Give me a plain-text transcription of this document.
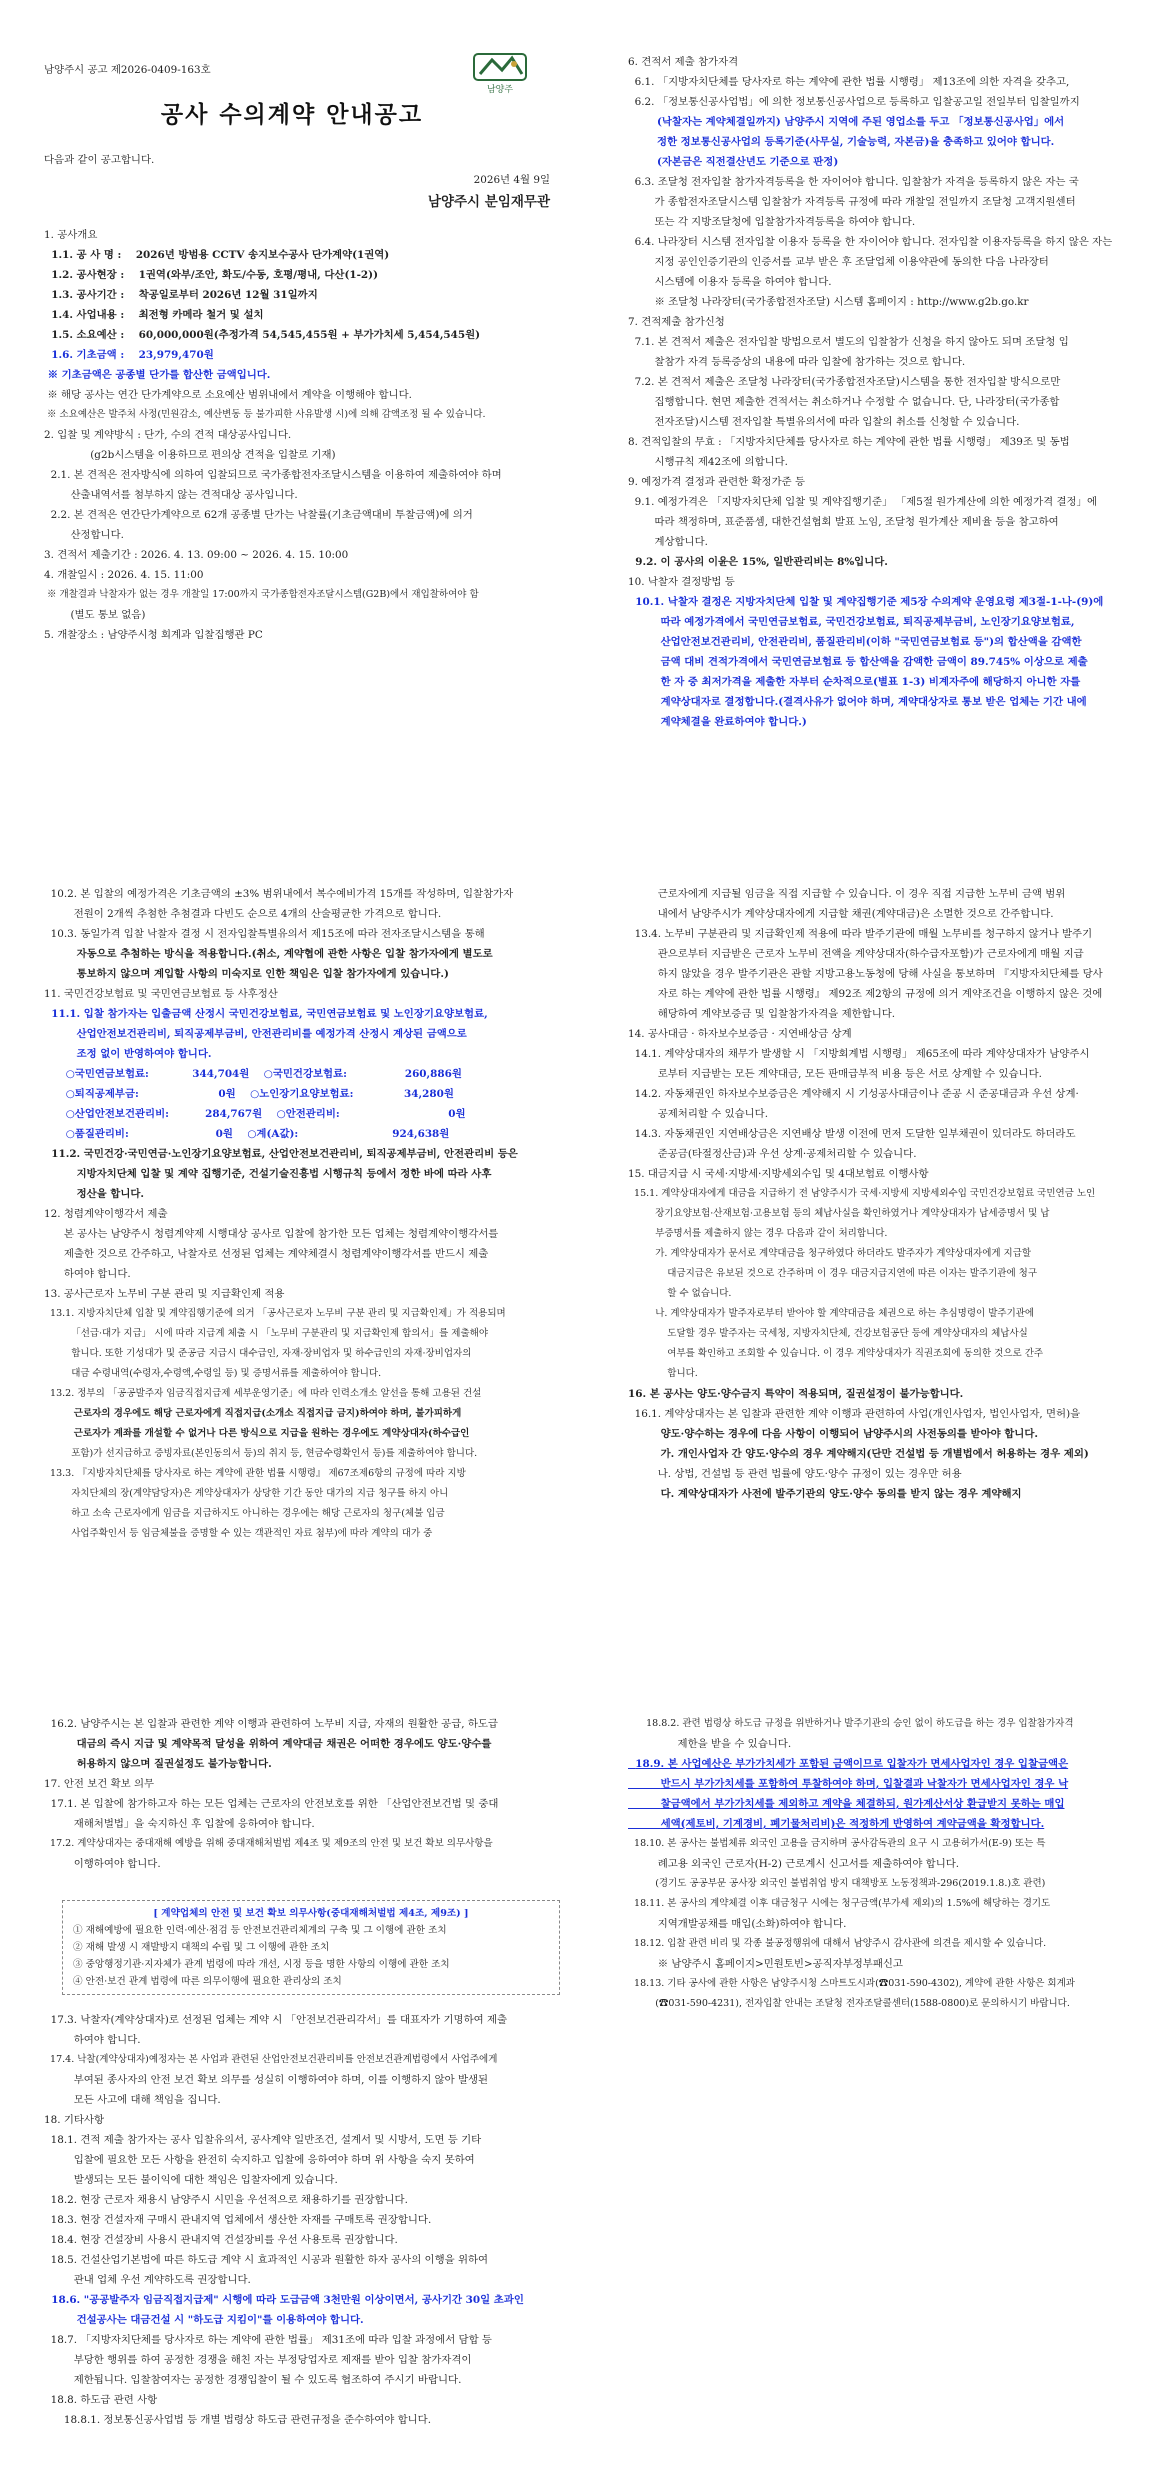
남양주시 공고 제2026-0409-163호
남양주
공사 수의계약 안내공고
다음과 같이 공고합니다.
2026년 4월 9일
남양주시 분임재무관

1. 공사개요

1.1. 공 사 명 :    2026년 방범용 CCTV 송지보수공사 단가계약(1권역)

1.2. 공사현장 :    1권역(와부/조안, 화도/수동, 호평/평내, 다산(1-2))

1.3. 공사기간 :    착공일로부터 2026년 12월 31일까지

1.4. 사업내용 :    최전형 카메라 철거 및 설치

1.5. 소요예산 :    60,000,000원(추정가격 54,545,455원 + 부가가치세 5,454,545원)

1.6. 기초금액 :    23,979,470원

※ 기초금액은 공종별 단가를 합산한 금액입니다.

※ 해당 공사는 연간 단가계약으로 소요예산 범위내에서 계약을 이행해야 합니다.

※ 소요예산은 발주처 사정(민원감소, 예산변동 등 불가피한 사유발생 시)에 의해 감액조정 될 수 있습니다.

2. 입찰 및 계약방식 : 단가, 수의 견적 대상공사입니다.

(g2b시스템을 이용하므로 편의상 견적을 입찰로 기재)

2.1. 본 견적은 전자방식에 의하여 입찰되므로 국가종합전자조달시스템을 이용하여 제출하여야 하며

산출내역서를 첨부하지 않는 견적대상 공사입니다.

2.2. 본 견적은 연간단가계약으로 62개 공종별 단가는 낙찰률(기초금액대비 투찰금액)에 의거

산정합니다.

3. 견적서 제출기간 : 2026. 4. 13. 09:00 ~ 2026. 4. 15. 10:00

4. 개찰일시 : 2026. 4. 15. 11:00

※ 개찰결과 낙찰자가 없는 경우 개찰일 17:00까지 국가종합전자조달시스템(G2B)에서 재입찰하여야 함

(별도 통보 없음)

5. 개찰장소 : 남양주시청 회계과 입찰집행관 PC

6. 견적서 제출 참가자격

6.1. 「지방자치단체를 당사자로 하는 계약에 관한 법률 시행령」 제13조에 의한 자격을 갖추고,

6.2. 「정보통신공사업법」에 의한 정보통신공사업으로 등록하고 입찰공고일 전일부터 입찰일까지

(낙찰자는 계약체결일까지) 남양주시 지역에 주된 영업소를 두고 「정보통신공사업」에서

정한 정보통신공사업의 등록기준(사무실, 기술능력, 자본금)을 충족하고 있어야 합니다.

(자본금은 직전결산년도 기준으로 판정)

6.3. 조달청 전자입찰 참가자격등록을 한 자이어야 합니다. 입찰참가 자격을 등록하지 않은 자는 국

가 종합전자조달시스템 입찰참가 자격등록 규정에 따라 개찰일 전일까지 조달청 고객지원센터

또는 각 지방조달청에 입찰참가자격등록을 하여야 합니다.

6.4. 나라장터 시스템 전자입찰 이용자 등록을 한 자이어야 합니다. 전자입찰 이용자등록을 하지 않은 자는

지정 공인인증기관의 인증서를 교부 받은 후 조달업체 이용약관에 동의한 다음 나라장터

시스템에 이용자 등록을 하여야 합니다.

※ 조달청 나라장터(국가종합전자조달) 시스템 홈페이지 : http://www.g2b.go.kr

7. 견적제출 참가신청

7.1. 본 견적서 제출은 전자입찰 방법으로서 별도의 입찰참가 신청을 하지 않아도 되며 조달청 입

찰참가 자격 등록증상의 내용에 따라 입찰에 참가하는 것으로 합니다.

7.2. 본 견적서 제출은 조달청 나라장터(국가종합전자조달)시스템을 통한 전자입찰 방식으로만

집행합니다. 현면 제출한 견적서는 취소하거나 수정할 수 없습니다. 단, 나라장터(국가종합

전자조달)시스템 전자입찰 특별유의서에 따라 입찰의 취소를 신청할 수 있습니다.

8. 견적입찰의 무효 : 「지방자치단체를 당사자로 하는 계약에 관한 법률 시행령」 제39조 및 동법

시행규칙 제42조에 의합니다.

9. 예정가격 결정과 관련한 확정가준 등

9.1. 예정가격은 「지방자치단체 입찰 및 계약집행기준」 「제5절 원가계산에 의한 예정가격 결정」에

따라 책정하며, 표준품셈, 대한건설협회 발표 노임, 조달청 원가계산 제비율 등을 참고하여

계상합니다.

9.2. 이 공사의 이윤은 15%, 일반관리비는 8%입니다.

10. 낙찰자 결정방법 등

10.1. 낙찰자 결정은 지방자치단체 입찰 및 계약집행기준 제5장 수의계약 운영요령 제3절-1-나-(9)에

따라 예정가격에서 국민연금보험료, 국민건강보험료, 퇴직공제부금비, 노인장기요양보험료,

산업안전보건관리비, 안전관리비, 품질관리비(이하 "국민연금보험료 등")의 합산액을 감액한

금액 대비 견적가격에서 국민연금보험료 등 합산액을 감액한 금액이 89.745% 이상으로 제출

한 자 중 최저가격을 제출한 자부터 순차적으로(별표 1-3) 비계자주에 해당하지 아니한 자를

계약상대자로 결정합니다.(결격사유가 없어야 하며, 계약대상자로 통보 받은 업체는 기간 내에

계약체결을 완료하여야 합니다.)

10.2. 본 입찰의 예정가격은 기초금액의 ±3% 범위내에서 복수예비가격 15개를 작성하며, 입찰참가자

전원이 2개씩 추첨한 추첨결과 다빈도 순으로 4개의 산술평균한 가격으로 합니다.

10.3. 동일가격 입찰 낙찰자 결정 시 전자입찰특별유의서 제15조에 따라 전자조달시스템을 통해

자동으로 추첨하는 방식을 적용합니다.(취소, 계약협에 관한 사항은 입찰 참가자에게 별도로

통보하지 않으며 계입할 사항의 미숙지로 인한 책임은 입찰 참가자에게 있습니다.)

11. 국민건강보험료 및 국민연금보험료 등 사후정산

11.1. 입찰 참가자는 입출금액 산정시 국민건강보험료, 국민연금보험료 및 노인장기요양보험료,

산업안전보건관리비, 퇴직공제부금비, 안전관리비를 예정가격 산정시 계상된 금액으로

조정 없이 반영하여야 합니다.

○국민연금보험료:            344,704원    ○국민건강보험료:                260,886원

○퇴직공제부금:                      0원    ○노인장기요양보험료:              34,280원

○산업안전보건관리비:          284,767원    ○안전관리비:                              0원

○품질관리비:                        0원    ○계(A값):                          924,638원

11.2. 국민건강·국민연금·노인장기요양보험료, 산업안전보건관리비, 퇴직공제부금비, 안전관리비 등은

지방자치단체 입찰 및 계약 집행기준, 건설기술진흥법 시행규칙 등에서 정한 바에 따라 사후

정산을 합니다.

12. 청렴계약이행각서 제출

본 공사는 남양주시 청렴계약제 시행대상 공사로 입찰에 참가한 모든 업체는 청렴계약이행각서를

제출한 것으로 간주하고, 낙찰자로 선정된 업체는 계약체결시 청렴계약이행각서를 반드시 제출

하여야 합니다.

13. 공사근로자 노무비 구분 관리 및 지급확인제 적용

13.1. 지방자치단체 입찰 및 계약집행기준에 의거 「공사근로자 노무비 구분 관리 및 지급확인제」가 적용되며

「선급·대가 지급」 시에 따라 지급계 체출 시 「노무비 구분관리 및 지급확인제 합의서」를 제출해야

합니다. 또한 기성대가 및 준공금 지급시 대수급인, 자재·장비업자 및 하수급인의 자재·장비업자의

대금 수령내역(수령자,수령액,수령일 등) 및 증명서류를 제출하여야 합니다.

13.2. 정부의 「공공발주자 임금직접지급제 세부운영기준」에 따라 인력소개소 알선을 통해 고용된 건설

근로자의 경우에도 해당 근로자에게 직접지급(소개소 직접지급 금지)하여야 하며, 불가피하게

근로자가 계좌를 개설할 수 없거나 다른 방식으로 지급을 원하는 경우에도 계약상대자(하수급인

포함)가 선지급하고 증빙자료(본인동의서 등)의 취지 등, 현금수령확인서 등)를 제출하여야 합니다.

13.3. 『지방자치단체를 당사자로 하는 계약에 관한 법률 시행령』 제67조제6항의 규정에 따라 지방

자치단체의 장(계약담당자)은 계약상대자가 상당한 기간 동안 대가의 지급 청구를 하지 아니

하고 소속 근로자에게 임금을 지급하지도 아니하는 경우에는 해당 근로자의 청구(체불 입금

사업주확인서 등 임금체불을 증명할 수 있는 객관적인 자료 첨부)에 따라 계약의 대가 중

근로자에게 지급될 임금을 직접 지급할 수 있습니다. 이 경우 직접 지급한 노무비 금액 범위

내에서 남양주시가 계약상대자에게 지급할 채권(계약대금)은 소멸한 것으로 간주합니다.

13.4. 노무비 구분관리 및 지급확인제 적용에 따라 발주기관에 매월 노무비를 청구하지 않거나 발주기

관으로부터 지급받은 근로자 노무비 전액을 계약상대자(하수급자포함)가 근로자에게 매월 지급

하지 않았을 경우 발주기관은 관할 지방고용노동청에 당해 사실을 통보하며 『지방자치단체를 당사

자로 하는 계약에 관한 법률 시행령』 제92조 제2항의 규정에 의거 계약조건을 이행하지 않은 것에

해당하여 계약보증금 및 입찰참가자격을 제한합니다.

14. 공사대금 · 하자보수보증금 · 지연배상금 상계

14.1. 계약상대자의 채무가 발생할 시 「지방회계법 시행령」 제65조에 따라 계약상대자가 남양주시

로부터 지급받는 모든 계약대금, 모든 판매급부적 비용 등은 서로 상계할 수 있습니다.

14.2. 자동채권인 하자보수보증금은 계약해지 시 기성공사대금이나 준공 시 준공대금과 우선 상계·

공제처리할 수 있습니다.

14.3. 자동채권인 지연배상금은 지연배상 발생 이전에 먼저 도달한 일부채권이 있더라도 하더라도

준공금(타절정산금)과 우선 상계·공제처리할 수 있습니다.

15. 대금지급 시 국세·지방세·지방세외수입 및 4대보험료 이행사항

15.1. 계약상대자에게 대금을 지급하기 전 남양주시가 국세·지방세 지방세외수입 국민건강보험료 국민연금 노인

장기요양보험·산재보험·고용보험 등의 체납사실을 확인하였거나 계약상대자가 납세증명서 및 납

부증명서를 제출하지 않는 경우 다음과 같이 처리합니다.

가. 계약상대자가 문서로 계약대금을 청구하였다 하더라도 발주자가 계약상대자에게 지급할

대금지급은 유보된 것으로 간주하며 이 경우 대금지급지연에 따른 이자는 발주기관에 청구

할 수 없습니다.

나. 계약상대자가 발주자로부터 받아야 할 계약대금을 체권으로 하는 추심명령이 발주기관에

도달할 경우 발주자는 국세청, 지방자치단체, 건강보험공단 등에 계약상대자의 체납사실

여부를 확인하고 조회할 수 있습니다. 이 경우 계약상대자가 직권조회에 동의한 것으로 간주

합니다.

16. 본 공사는 양도·양수금지 특약이 적용되며, 질권설정이 불가능합니다.

16.1. 계약상대자는 본 입찰과 관련한 계약 이행과 관련하여 사업(개인사업자, 법인사업자, 면허)을

양도·양수하는 경우에 다음 사항이 이행되어 남양주시의 사전동의를 받아야 합니다.

가. 개인사업자 간 양도·양수의 경우 계약해지(단만 건설법 등 개별법에서 허용하는 경우 제외)

나. 상법, 건설법 등 관련 법률에 양도·양수 규정이 있는 경우만 허용

다. 계약상대자가 사전에 발주기관의 양도·양수 동의를 받지 않는 경우 계약해지

16.2. 남양주시는 본 입찰과 관련한 계약 이행과 관련하여 노무비 지급, 자재의 원활한 공급, 하도급

대금의 즉시 지급 및 계약목적 달성을 위하여 계약대금 채권은 어떠한 경우에도 양도·양수를

허용하지 않으며 질권설정도 불가능합니다.

17. 안전 보건 확보 의무

17.1. 본 입찰에 참가하고자 하는 모든 업체는 근로자의 안전보호를 위한 「산업안전보건법 및 중대

재해처벌법」을 숙지하신 후 입찰에 응하여야 합니다.

17.2. 계약상대자는 중대재해 예방을 위해 중대재해처벌법 제4조 및 제9조의 안전 및 보건 확보 의무사항을

이행하여야 합니다.

[ 계약업체의 안전 및 보건 확보 의무사항(중대재해처벌법 제4조, 제9조) ]

① 재해예방에 필요한 인력·예산·점검 등 안전보건관리체계의 구축 및 그 이행에 관한 조치

② 재해 발생 시 재발방지 대책의 수립 및 그 이행에 관한 조치

③ 중앙행정기관·지자체가 관계 법령에 따라 개선, 시정 등을 명한 사항의 이행에 관한 조치

④ 안전·보건 관계 법령에 따른 의무이행에 필요한 관리상의 조치

17.3. 낙찰자(계약상대자)로 선정된 업체는 계약 시 「안전보건관리각서」를 대표자가 기명하여 제출

하여야 합니다.

17.4. 낙찰(계약상대자)예정자는 본 사업과 관련된 산업안전보건관리비를 안전보건관계법령에서 사업주에게

부여된 종사자의 안전 보건 확보 의무를 성실히 이행하여야 하며, 이를 이행하지 않아 발생된

모든 사고에 대해 책임을 집니다.

18. 기타사항

18.1. 견적 제출 참가자는 공사 입찰유의서, 공사계약 일반조건, 설계서 및 시방서, 도면 등 기타

입찰에 필요한 모든 사항을 완전히 숙지하고 입찰에 응하여야 하며 위 사항을 숙지 못하여

발생되는 모든 불이익에 대한 책임은 입찰자에게 있습니다.

18.2. 현장 근로자 채용시 남양주시 시민을 우선적으로 채용하기를 권장합니다.

18.3. 현장 건설자재 구매시 관내지역 업체에서 생산한 자재를 구매토록 권장합니다.

18.4. 현장 건설장비 사용시 관내지역 건설장비를 우선 사용토록 권장합니다.

18.5. 건설산업기본법에 따른 하도급 계약 시 효과적인 시공과 원활한 하자 공사의 이행을 위하여

관내 업체 우선 계약하도록 권장합니다.

18.6. "공공발주자 임금직접지급제" 시행에 따라 도급금액 3천만원 이상이면서, 공사기간 30일 초과인

건설공사는 대금건설 시 "하도급 지킴이"를 이용하여야 합니다.

18.7. 「지방자치단체를 당사자로 하는 계약에 관한 법률」 제31조에 따라 입찰 과정에서 담합 등

부당한 행위를 하여 공정한 경쟁을 해친 자는 부정당업자로 제재를 받아 입찰 참가자격이

제한됩니다. 입찰참여자는 공정한 경쟁입찰이 될 수 있도록 협조하여 주시기 바랍니다.

18.8. 하도급 관련 사항

18.8.1. 정보통신공사업법 등 개별 법령상 하도급 관련규정을 준수하여야 합니다.

18.8.2. 관련 법령상 하도급 규정을 위반하거나 발주기관의 승인 없이 하도급을 하는 경우 입찰참가자격

제한을 받을 수 있습니다.

18.9. 본 사업예산은 부가가치세가 포함된 금액이므로 입찰자가 면세사업자인 경우 입찰금액은

반드시 부가가치세를 포함하여 투찰하여야 하며, 입찰결과 낙찰자가 면세사업자인 경우 낙

찰금액에서 부가가치세를 제외하고 계약을 체결하되, 원가계산서상 환급받지 못하는 매입

세액(제토비, 기계경비, 폐기물처리비)은 적정하게 반영하여 계약금액을 확정합니다.

18.10. 본 공사는 불법체류 외국인 고용을 금지하며 공사감독관의 요구 시 고용허가서(E-9) 또는 특

례고용 외국인 근로자(H-2) 근로계시 신고서를 제출하여야 합니다.

(경기도 공공부문 공사장 외국인 불법취업 방지 대책방포 노동정책과-296(2019.1.8.)호 관련)

18.11. 본 공사의 계약체결 이후 대금청구 시에는 청구금액(부가세 제외)의 1.5%에 해당하는 경기도

지역개발공채를 매입(소화)하여야 합니다.

18.12. 입찰 관련 비리 및 각종 불공정행위에 대해서 남양주시 감사관에 의견을 제시할 수 있습니다.

※ 남양주시 홈페이지>민원토빈>공직자부정부패신고

18.13. 기타 공사에 관한 사항은 남양주시청 스마트도시과(☎031-590-4302), 계약에 관한 사항은 회계과

(☎031-590-4231), 전자입찰 안내는 조달청 전자조달콜센터(1588-0800)로 문의하시기 바랍니다.
